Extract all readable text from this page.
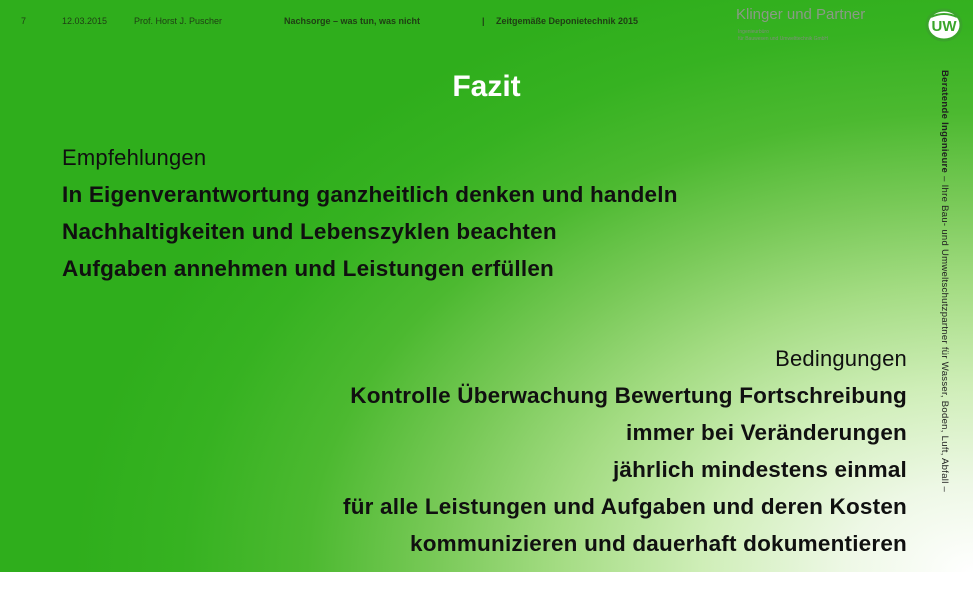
7	12.03.2015	Prof. Horst J. Puscher	Nachsorge – was tun, was nicht	| Zeitgemäße Deponietechnik 2015	Klinger und Partner
Ingenieurbüro
für Bauwesen und Umwelttechnik GmbH
UW
Fazit
Empfehlungen
In Eigenverantwortung ganzheitlich denken und handeln
Nachhaltigkeiten und Lebenszyklen beachten
Aufgaben annehmen und Leistungen erfüllen
Bedingungen
Kontrolle Überwachung Bewertung Fortschreibung
immer bei Veränderungen
jährlich mindestens einmal
für alle Leistungen und Aufgaben und deren Kosten
kommunizieren und dauerhaft dokumentieren
Beratende Ingenieure – Ihre Bau- und Umweltschutzpartner für Wasser, Boden, Luft, Abfall –
